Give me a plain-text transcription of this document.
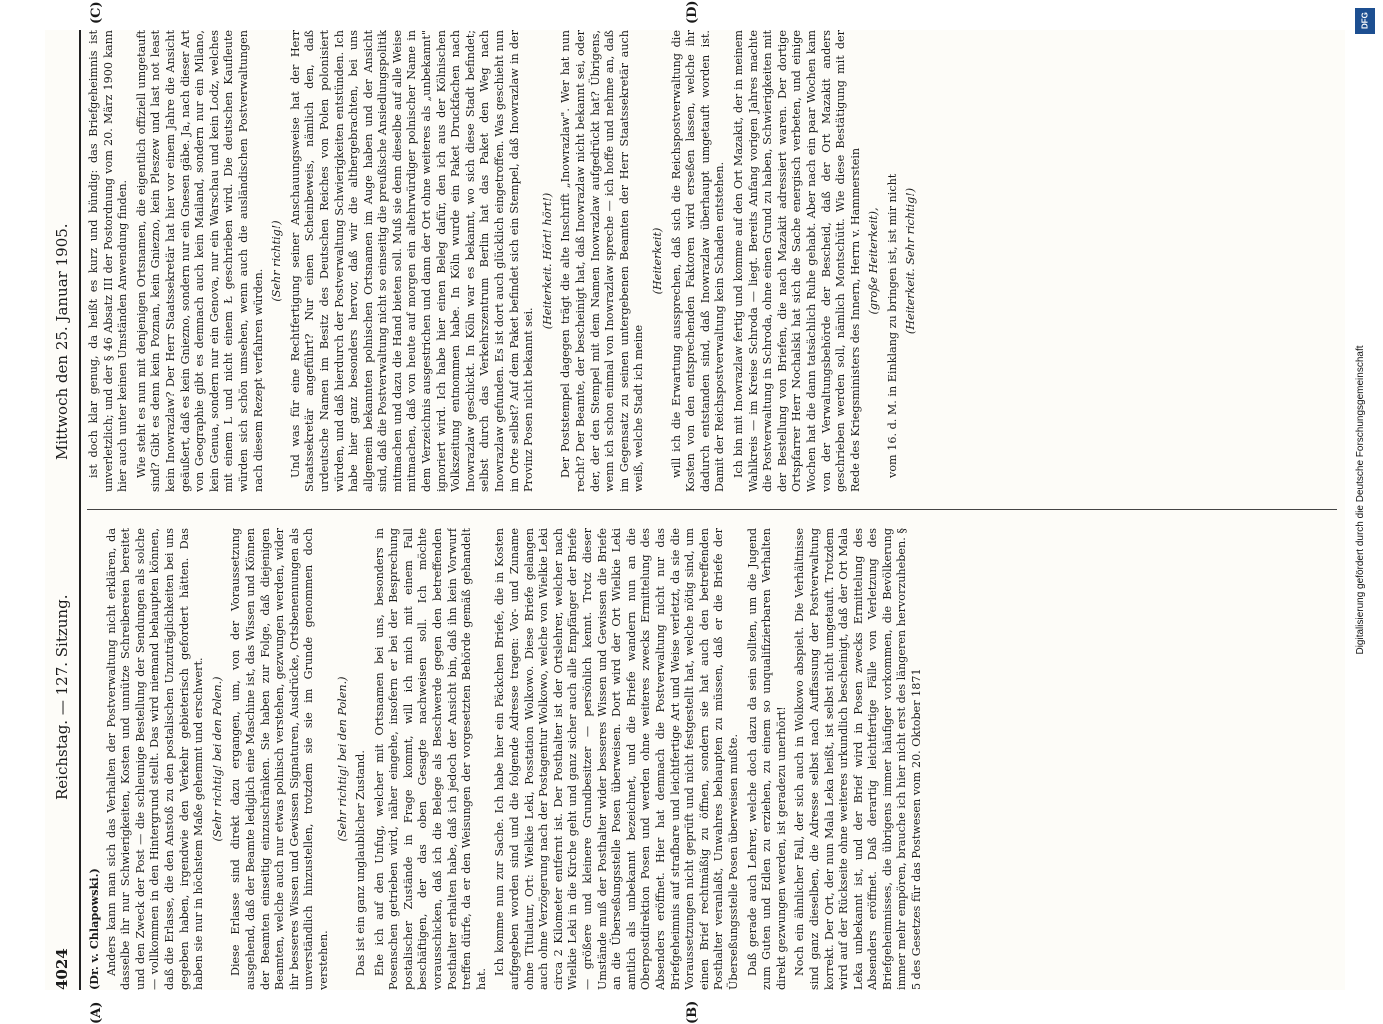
4024
Reichstag. — 127. Sitzung.
Mittwoch den 25. Januar 1905.
(A)	(B)
(C)	(D)

(Dr. v. Chlapowski.) Anders kann man sich das Verhalten der Postverwaltung nicht erklären, da dasselbe ihr nur Schwierigkeiten, Kosten und unnütze Schreibereien bereitet und den Zweck der Post — die schleunige Bestellung der Sendungen als solche — vollkommen in den Hintergrund stellt. Das wird niemand behaupten können, daß die Erlasse, die den Anstoß zu den postalischen Unzuträglichkeiten bei uns gegeben haben, irgendwie den Verkehr gebieterisch gefordert hätten. Das haben sie nur in höchstem Maße gehemmt und erschwert. (Sehr richtig! bei den Polen.) Diese Erlasse sind direkt dazu ergangen, um, von der Voraussetzung ausgehend, daß der Beamte lediglich eine Maschine ist, das Wissen und Können der Beamten einseitig einzuschränken. Sie haben zur Folge, daß diejenigen Beamten, welche auch nur etwas polnisch verstehen, gezwungen werden, wider ihr besseres Wissen und Gewissen Signaturen, Ausdrücke, Ortsbenennungen als unverständlich hinzustellen, trotzdem sie sie im Grunde genommen doch verstehen.

(Sehr richtig! bei den Polen.) Das ist ein ganz unglaublicher Zustand. Ehe ich auf den Unfug, welcher mit Ortsnamen bei uns, besonders in Posenschen getrieben wird, näher eingehe, insofern er bei der Besprechung postalischer Zustände in Frage kommt, will ich mich mit einem Fall beschäftigen, der das oben Gesagte nachweisen soll. Ich möchte vorausschicken, daß ich die Belege als Beschwerde gegen den betreffenden Posthalter erhalten habe, daß ich jedoch der Ansicht bin, daß ihn kein Vorwurf treffen dürfe, da er den Weisungen der vorgesetzten Behörde gemäß gehandelt hat.

Ich komme nun zur Sache. Ich habe hier ein Päckchen Briefe, die in Kosten aufgegeben worden sind und die folgende Adresse tragen: Vor- und Zuname ohne Titulatur, Ort: Wielkie Leki, Posstation Wolkowo. Diese Briefe gelangen auch ohne Verzögerung nach der Postagentur Wolkowo, welche von Wielkie Leki circa 2 Kilometer entfernt ist. Der Posthalter ist der Ortslehrer, welcher nach Wielkie Leki in die Kirche geht und ganz sicher auch alle Empfänger der Briefe — größere und kleinere Grundbesitzer — persönlich kennt. Trotz dieser Umstände muß der Posthalter wider besseres Wissen und Gewissen die Briefe an die Überseßungsstelle Posen überweisen. Dort wird der Ort Wielkie Leki amtlich als unbekannt bezeichnet, und die Briefe wandern nun an die Oberpostdirektion Posen und werden ohne weiteres zwecks Ermittelung des Absenders eröffnet. Hier hat demnach die Postverwaltung nicht nur das Briefgeheimnis auf strafbare und leichtfertige Art und Weise verletzt, da sie die Voraussetzungen nicht geprüft und nicht festgestellt hat, welche nötig sind, um einen Brief rechtmäßig zu öffnen, sondern sie hat auch den betreffenden Posthalter veranlaßt, Unwahres behaupten zu müssen, daß er die Briefe der Überseßungsstelle Posen überweisen mußte. Daß gerade auch Lehrer, welche doch dazu da sein sollten, um die Jugend zum Guten und Edlen zu erziehen, zu einem so unqualifizierbaren Verhalten direkt gezwungen werden, ist geradezu unerhört! Noch ein ähnlicher Fall, der sich auch in Wolkowo abspielt. Die Verhältnisse sind ganz dieselben, die Adresse selbst nach Auffassung der Postverwaltung korrekt. Der Ort, der nun Mala Leka heißt, ist selbst nicht umgetauft. Trotzdem wird auf der Rückseite ohne weiteres urkundlich bescheinigt, daß der Ort Mala Leka unbekannt ist, und der Brief wird in Posen zwecks Ermittelung des Absenders eröffnet. Daß derartig leichtfertige Fälle von Verletzung des Briefgeheimnisses, die übrigens immer häufiger vorkommen, die Bevölkerung immer mehr empören, brauche ich hier nicht erst des längeren hervorzuheben. § 5 des Gesetzes für das Postwesen vom 20. Oktober 1871

ist doch klar genug, da heißt es kurz und bündig: das Briefgeheimnis ist unverletzlich; und der § 46 Absatz III der Postordnung vom 20. März 1900 kann hier auch unter keinen Umständen Anwendung finden. Wie steht es nun mit denjenigen Ortsnamen, die eigentlich offiziell umgetauft sind? Gibt es denn kein Poznan, kein Gniezno, kein Pleszew und last not least kein Inowrazlaw? Der Herr Staatssekretär hat hier vor einem Jahre die Ansicht geäußert, daß es kein Gniezno, sondern nur ein Gnesen gäbe. Ja, nach dieser Art von Geographie gibt es demnach auch kein Mailand, sondern nur ein Milano, kein Genua, sondern nur ein Genova, nur ein Warschau und kein Lodz, welches mit einem L und nicht einem Ł geschrieben wird. Die deutschen Kaufleute würden sich schön umsehen, wenn auch die ausländischen Postverwaltungen nach diesem Rezept verfahren würden.

(Sehr richtig!) Und was für eine Rechtfertigung seiner Anschauungsweise hat der Herr Staatssekretär angeführt? Nur einen Scheinbeweis, nämlich den, daß urdeutsche Namen im Besitz des Deutschen Reiches von Polen polonisiert würden, und daß hierdurch der Postverwaltung Schwierigkeiten entstünden. Ich habe hier ganz besonders hervor, daß wir die althergebrachten, bei uns allgemein bekannten polnischen Ortsnamen im Auge haben und der Ansicht sind, daß die Postverwaltung nicht so einseitig die preußische Ansiedlungspolitik mitmachen und dazu die Hand bieten soll. Muß sie denn dieselbe auf alle Weise mitmachen, daß von heute auf morgen ein altehrwürdiger polnischer Name in dem Verzeichnis ausgestrichen und dann der Ort ohne weiteres als „unbekannt" ignoriert wird. Ich habe hier einen Beleg dafür, den ich aus der Kölnischen Volkszeitung entnommen habe. In Köln wurde ein Paket Druckfachen nach Inowrazlaw geschickt. In Köln war es bekannt, wo sich diese Stadt befindet; selbst durch das Verkehrszentrum Berlin hat das Paket den Weg nach Inowrazlaw gefunden. Es ist dort auch glücklich eingetroffen. Was geschieht nun im Orte selbst? Auf dem Paket befindet sich ein Stempel, daß Inowrazlaw in der Provinz Posen nicht bekannt sei.

(Heiterkeit. Hört! hört!) Der Poststempel dagegen trägt die alte Inschrift „Inowrazlaw". Wer hat nun recht? Der Beamte, der bescheinigt hat, daß Inowrazlaw nicht bekannt sei, oder der, der den Stempel mit dem Namen Inowrazlaw aufgedrückt hat? Übrigens, wenn ich schon einmal von Inowrazlaw spreche — ich hoffe und nehme an, daß im Gegensatz zu seinen untergebenen Beamten der Herr Staatssekretär auch weiß, welche Stadt ich meine

(Heiterkeit) will ich die Erwartung aussprechen, daß sich die Reichspostverwaltung die Kosten von den entsprechenden Faktoren wird erseßen lassen, welche ihr dadurch entstanden sind, daß Inowrazlaw überhaupt umgetauft worden ist. Damit der Reichspostverwaltung kein Schaden entstehen. Ich bin mit Inowrazlaw fertig und komme auf den Ort Mazakit, der in meinem Wahlkreis — im Kreise Schroda — liegt. Bereits Anfang vorigen Jahres machte die Postverwaltung in Schroda, ohne einen Grund zu haben, Schwierigkeiten mit der Bestellung von Briefen, die nach Mazakit adressiert waren. Der dortige Ortspfarrer Herr Nochalski hat sich die Sache energisch verbeten, und einige Wochen hat die dann tatsächlich Ruhe gehabt. Aber nach ein paar Wochen kam von der Verwaltungsbehörde der Bescheid, daß der Ort Mazakit anders geschrieben werden soll, nämlich Montschütt. Wie diese Bestätigung mit der Rede des Kriegsministers des Innern, Herrn v. Hammerstein (große Heiterkeit), vom 16. d. M. in Einklang zu bringen ist, ist mir nicht (Heiterkeit. Sehr richtig!)

DFG
Digitalisierung gefördert durch die Deutsche Forschungsgemeinschaft
